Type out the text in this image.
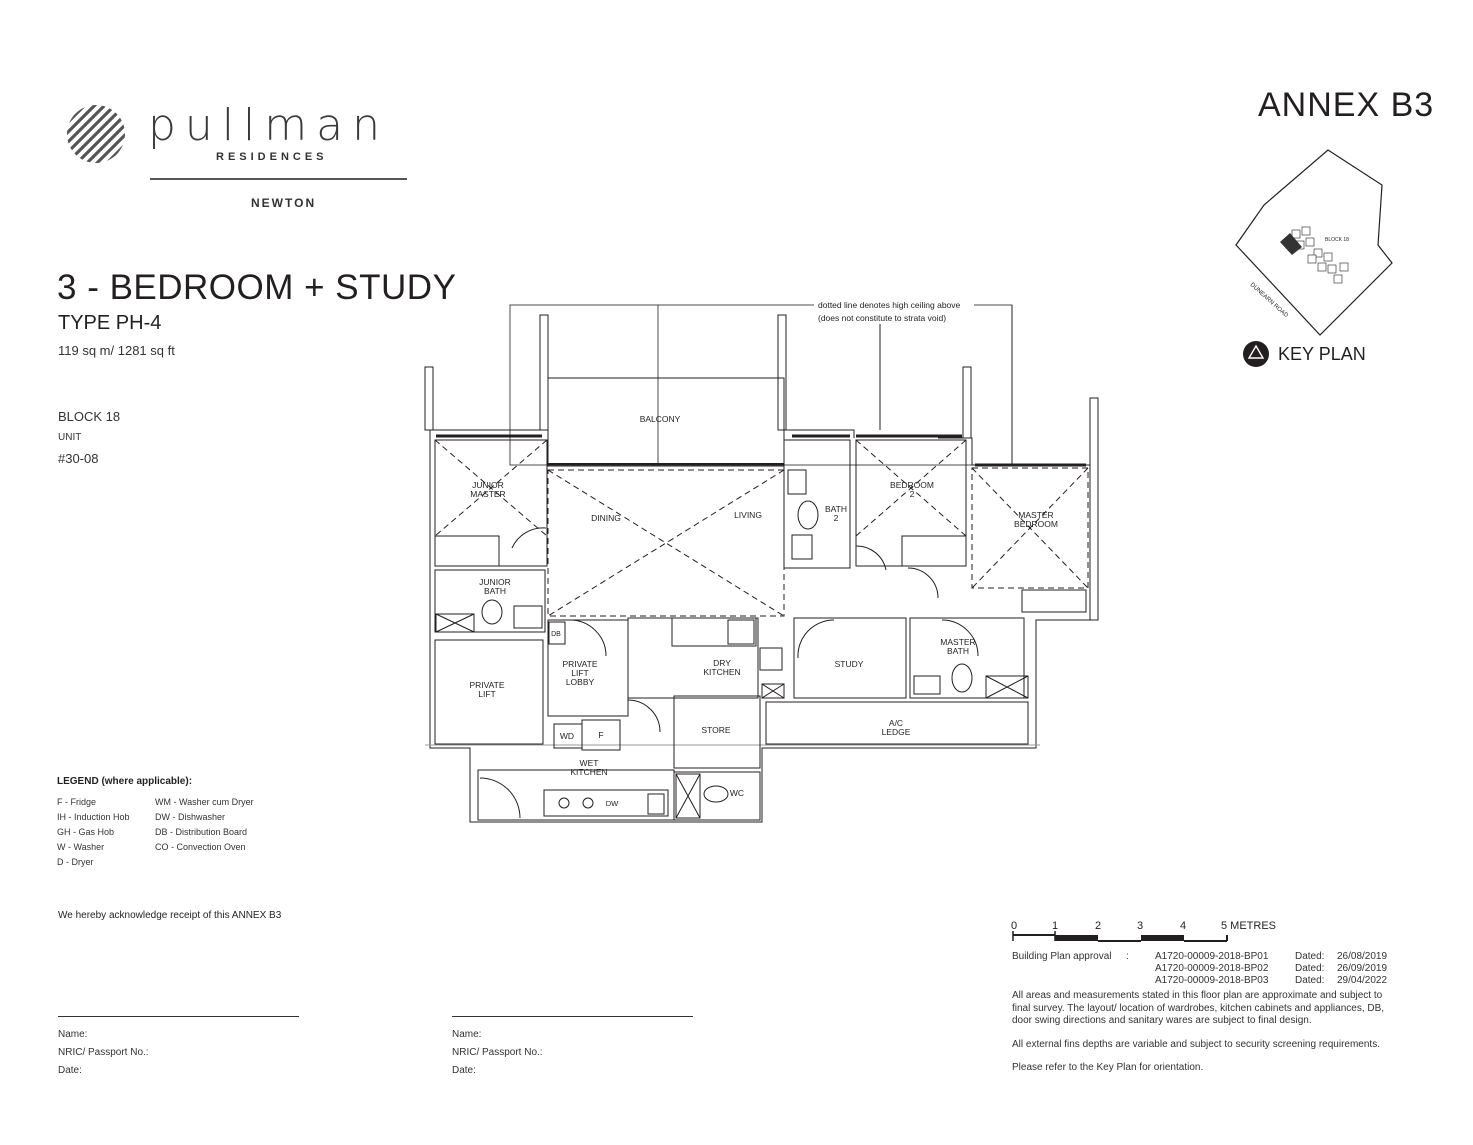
pullman
RESIDENCES
NEWTON
3 - BEDROOM + STUDY
TYPE PH-4
119 sq m/ 1281 sq ft
BLOCK 18
UNIT
#30-08
ANNEX B3
BLOCK 18
DUNEARN ROAD
KEY PLAN
BALCONY
DINING	LIVING
JUNIOR
MASTER
JUNIOR
BATH
BATH
2
BEDROOM
2
MASTER
BEDROOM
PRIVATE
LIFT
PRIVATE
LIFT
LOBBY
DB
DRY
KITCHEN
STUDY
MASTER
BATH
STORE
A/C
LEDGE
WD	F
WET
KITCHEN
WC
DW
dotted line denotes high ceiling above
(does not constitute to strata void)
LEGEND (where applicable):
F - Fridge
IH - Induction Hob
GH - Gas Hob
W - Washer
D - Dryer
WM - Washer cum Dryer
DW - Dishwasher
DB - Distribution Board
CO - Convection Oven
We hereby acknowledge receipt of this ANNEX B3
Name:
NRIC/ Passport No.:
Date:
Name:
NRIC/ Passport No.:
Date:
0	1	2	3	4	5 METRES
Building Plan approval :	A1720-00009-2018-BP01	Dated: 26/08/2019
A1720-00009-2018-BP02	Dated: 26/09/2019
A1720-00009-2018-BP03	Dated: 29/04/2022
All areas and measurements stated in this floor plan are approximate and subject to
final survey. The layout/ location of wardrobes, kitchen cabinets and appliances, DB,
door swing directions and sanitary wares are subject to final design.
All external fins depths are variable and subject to security screening requirements.
Please refer to the Key Plan for orientation.
